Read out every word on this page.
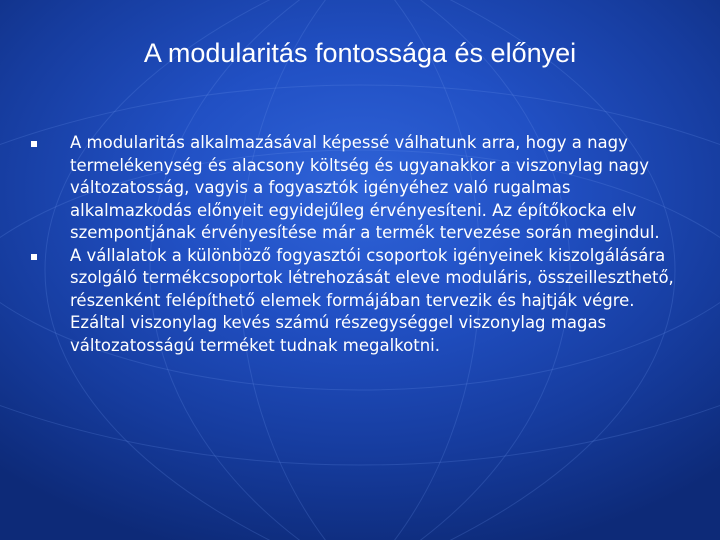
A modularitás fontossága és előnyei
A modularitás alkalmazásával képessé válhatunk arra, hogy a nagy termelékenység és alacsony költség és ugyanakkor a viszonylag nagy változatosság, vagyis a fogyasztók igényéhez való rugalmas alkalmazkodás előnyeit egyidejűleg érvényesíteni. Az építőkocka elv szempontjának érvényesítése már a termék tervezése során megindul.
A vállalatok a különböző fogyasztói csoportok igényeinek kiszolgálására szolgáló termékcsoportok létrehozását eleve moduláris, összeilleszthető, részenként felépíthető elemek formájában tervezik és hajtják végre. Ezáltal viszonylag kevés számú részegységgel viszonylag magas változatosságú terméket tudnak megalkotni.
